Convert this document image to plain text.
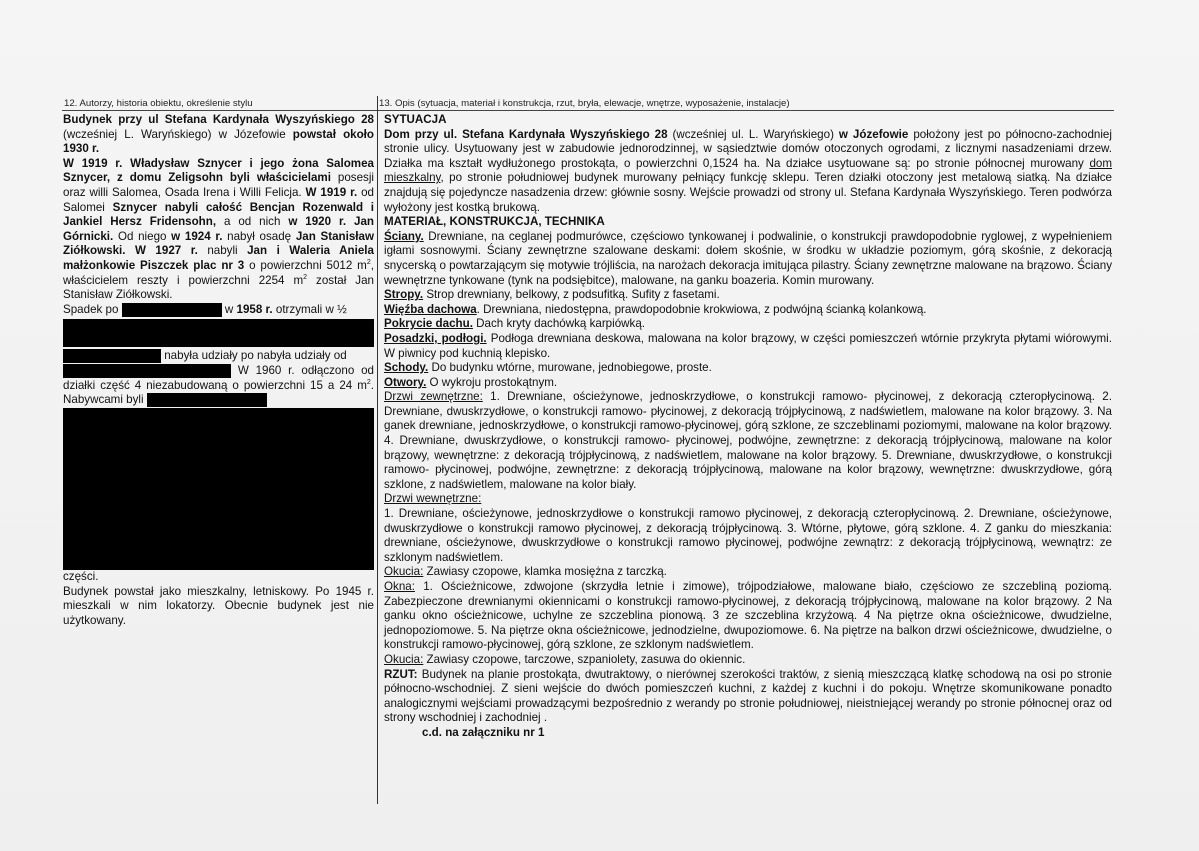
12. Autorzy, historia obiektu, określenie stylu	13. Opis (sytuacja, materiał i konstrukcja, rzut, bryła, elewacje, wnętrze, wyposażenie, instalacje)

Budynek przy ul Stefana Kardynała Wyszyńskiego 28 (wcześniej L. Waryńskiego) w Józefowie powstał około 1930 r.

W 1919 r. Władysław Sznycer i jego żona Salomea Sznycer, z domu Zeligsohn byli właścicielami posesji oraz willi Salomea, Osada Irena i Willi Felicja. W 1919 r. od Salomei Sznycer nabyli całość Bencjan Rozenwald i Jankiel Hersz Fridensohn, a od nich w 1920 r. Jan Górnicki. Od niego w 1924 r. nabył osadę Jan Stanisław Ziółkowski. W 1927 r. nabyli Jan i Waleria Aniela małżonkowie Piszczek plac nr 3 o powierzchni 5012 $m^2$, właścicielem reszty i powierzchni 2254 $m^2$ został Jan Stanisław Ziółkowski.

Spadek po	w 1958 r. otrzymali w ½

nabyła udziały po nabyła udziały od

W 1960 r. odłączono od działki część 4 niezabudowaną o powierzchni 15 a 24 $m^2$. Nabywcami byli

części.

Budynek powstał jako mieszkalny, letniskowy. Po 1945 r. mieszkali w nim lokatorzy. Obecnie budynek jest nie użytkowany.

SYTUACJA

Dom przy ul. Stefana Kardynała Wyszyńskiego 28 (wcześniej ul. L. Waryńskiego) w Józefowie położony jest po północno-zachodniej stronie ulicy. Usytuowany jest w zabudowie jednorodzinnej, w sąsiedztwie domów otoczonych ogrodami, z licznymi nasadzeniami drzew. Działka ma kształt wydłużonego prostokąta, o powierzchni 0,1524 ha. Na działce usytuowane są: po stronie północnej murowany dom mieszkalny, po stronie południowej budynek murowany pełniący funkcję sklepu. Teren działki otoczony jest metalową siatką. Na działce znajdują się pojedyncze nasadzenia drzew: głównie sosny. Wejście prowadzi od strony ul. Stefana Kardynała Wyszyńskiego. Teren podwórza wyłożony jest kostką brukową.

MATERIAŁ, KONSTRUKCJA, TECHNIKA

Ściany. Drewniane, na ceglanej podmurówce, częściowo tynkowanej i podwalinie, o konstrukcji prawdopodobnie ryglowej, z wypełnieniem igłami sosnowymi. Ściany zewnętrzne szalowane deskami: dołem skośnie, w środku w układzie poziomym, górą skośnie, z dekoracją snycerską o powtarzającym się motywie trójliścia, na narożach dekoracja imitująca pilastry. Ściany zewnętrzne malowane na brązowo. Ściany wewnętrzne tynkowane (tynk na podsiębitce), malowane, na ganku boazeria. Komin murowany.

Stropy. Strop drewniany, belkowy, z podsufitką. Sufity z fasetami.

Więźba dachowa. Drewniana, niedostępna, prawdopodobnie krokwiowa, z podwójną ścianką kolankową.

Pokrycie dachu. Dach kryty dachówką karpiówką.

Posadzki, podłogi. Podłoga drewniana deskowa, malowana na kolor brązowy, w części pomieszczeń wtórnie przykryta płytami wiórowymi. W piwnicy pod kuchnią klepisko.

Schody. Do budynku wtórne, murowane, jednobiegowe, proste.

Otwory. O wykroju prostokątnym.

Drzwi zewnętrzne: 1. Drewniane, ościeżynowe, jednoskrzydłowe, o konstrukcji ramowo- płycinowej, z dekoracją czteropłycinową. 2. Drewniane, dwuskrzydłowe, o konstrukcji ramowo- płycinowej, z dekoracją trójpłycinową, z nadświetlem, malowane na kolor brązowy. 3. Na ganek drewniane, jednoskrzydłowe, o konstrukcji ramowo-płycinowej, górą szklone, ze szczeblinami poziomymi, malowane na kolor brązowy. 4. Drewniane, dwuskrzydłowe, o konstrukcji ramowo- płycinowej, podwójne, zewnętrzne: z dekoracją trójpłycinową, malowane na kolor brązowy, wewnętrzne: z dekoracją trójpłycinową, z nadświetlem, malowane na kolor brązowy. 5. Drewniane, dwuskrzydłowe, o konstrukcji ramowo- płycinowej, podwójne, zewnętrzne: z dekoracją trójpłycinową, malowane na kolor brązowy, wewnętrzne: dwuskrzydłowe, górą szklone, z nadświetlem, malowane na kolor biały.

Drzwi wewnętrzne:

1. Drewniane, ościeżynowe, jednoskrzydłowe o konstrukcji ramowo płycinowej, z dekoracją czteropłycinową. 2. Drewniane, ościeżynowe, dwuskrzydłowe o konstrukcji ramowo płycinowej, z dekoracją trójpłycinową. 3. Wtórne, płytowe, górą szklone. 4. Z ganku do mieszkania: drewniane, ościeżynowe, dwuskrzydłowe o konstrukcji ramowo płycinowej, podwójne zewnątrz: z dekoracją trójpłycinową, wewnątrz: ze szklonym nadświetlem.

Okucia: Zawiasy czopowe, klamka mosiężna z tarczką.

Okna: 1. Ościeżnicowe, zdwojone (skrzydła letnie i zimowe), trójpodziałowe, malowane biało, częściowo ze szczebliną poziomą. Zabezpieczone drewnianymi okiennicami o konstrukcji ramowo-płycinowej, z dekoracją trójpłycinową, malowane na kolor brązowy. 2 Na ganku okno ościeżnicowe, uchylne ze szczeblina pionową. 3 ze szczeblina krzyżową. 4 Na piętrze okna ościeżnicowe, dwudzielne, jednopoziomowe. 5. Na piętrze okna ościeżnicowe, jednodzielne, dwupoziomowe. 6. Na piętrze na balkon drzwi ościeżnicowe, dwudzielne, o konstrukcji ramowo-płycinowej, górą szklone, ze szklonym nadświetlem.

Okucia: Zawiasy czopowe, tarczowe, szpaniolety, zasuwa do okiennic.

RZUT: Budynek na planie prostokąta, dwutraktowy, o nierównej szerokości traktów, z sienią mieszczącą klatkę schodową na osi po stronie północno-wschodniej. Z sieni wejście do dwóch pomieszczeń kuchni, z każdej z kuchni i do pokoju. Wnętrze skomunikowane ponadto analogicznymi wejściami prowadzącymi bezpośrednio z werandy po stronie południowej, nieistniejącej werandy po stronie północnej oraz od strony wschodniej i zachodniej .

c.d. na załączniku nr 1
